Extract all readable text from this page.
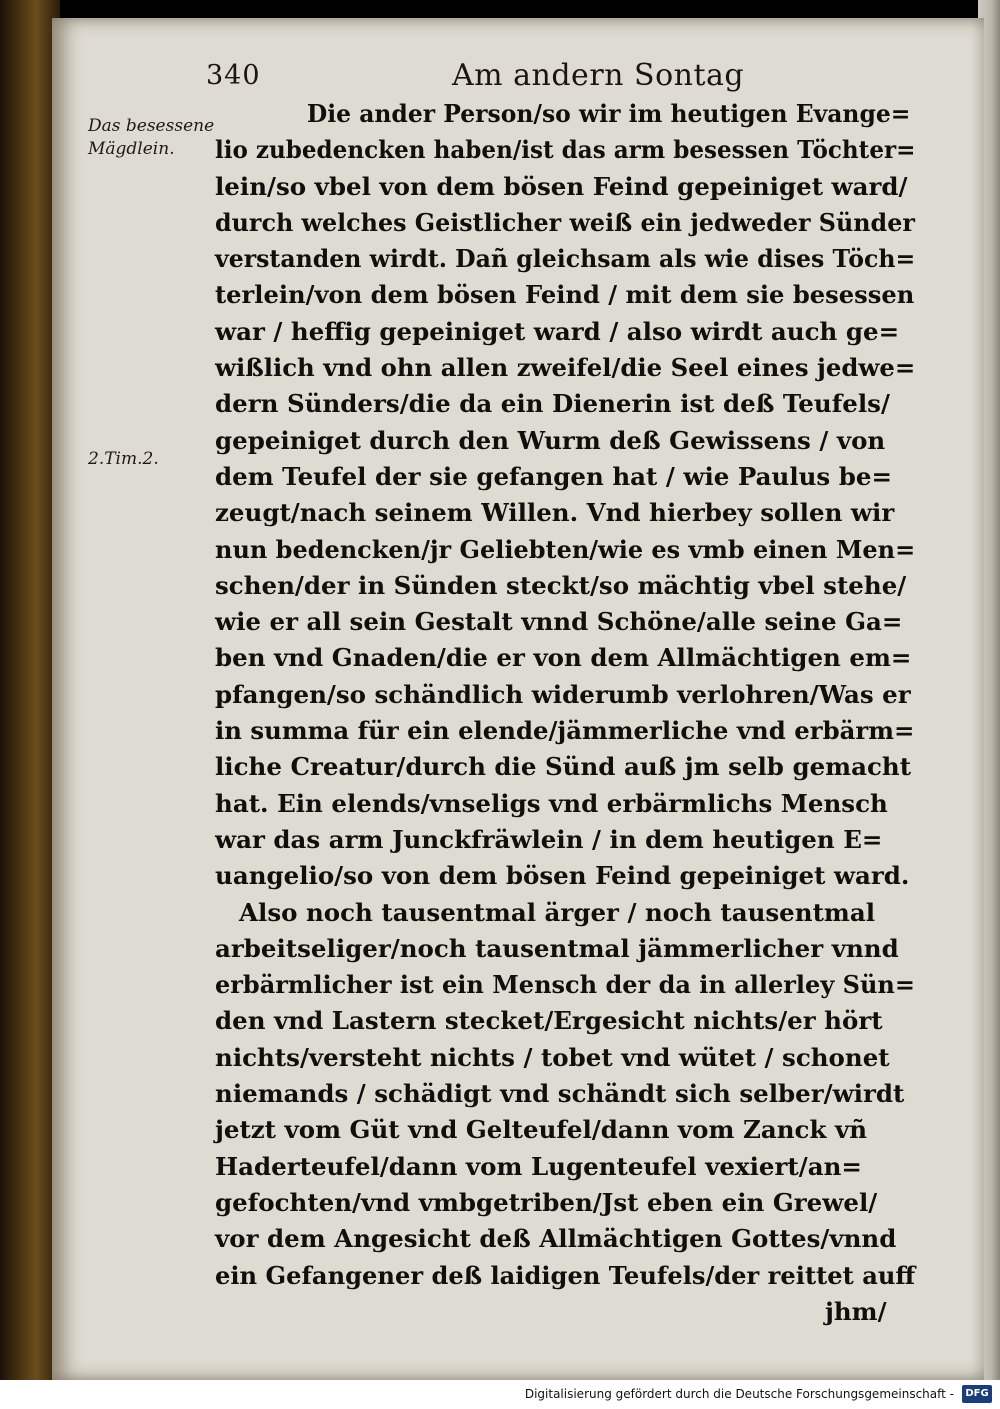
340	Am andern Sontag
Das besessene Mägdlein.
2.Tim.2.
Die ander Person/so wir im heutigen Evange=
lio zubedencken haben/ist das arm besessen Töchter=
lein/so vbel von dem bösen Feind gepeiniget ward/
durch welches Geistlicher weiß ein jedweder Sünder
verstanden wirdt. Dañ gleichsam als wie dises Töch=
terlein/von dem bösen Feind / mit dem sie besessen
war / heffig gepeiniget ward / also wirdt auch ge=
wißlich vnd ohn allen zweifel/die Seel eines jedwe=
dern Sünders/die da ein Dienerin ist deß Teufels/
gepeiniget durch den Wurm deß Gewissens / von
dem Teufel der sie gefangen hat / wie Paulus be=
zeugt/nach seinem Willen. Vnd hierbey sollen wir
nun bedencken/jr Geliebten/wie es vmb einen Men=
schen/der in Sünden steckt/so mächtig vbel stehe/
wie er all sein Gestalt vnnd Schöne/alle seine Ga=
ben vnd Gnaden/die er von dem Allmächtigen em=
pfangen/so schändlich widerumb verlohren/Was er
in summa für ein elende/jämmerliche vnd erbärm=
liche Creatur/durch die Sünd auß jm selb gemacht
hat. Ein elends/vnseligs vnd erbärmlichs Mensch
war das arm Junckfräwlein / in dem heutigen E=
uangelio/so von dem bösen Feind gepeiniget ward.
Also noch tausentmal ärger / noch tausentmal
arbeitseliger/noch tausentmal jämmerlicher vnnd
erbärmlicher ist ein Mensch der da in allerley Sün=
den vnd Lastern stecket/Ergesicht nichts/er hört
nichts/versteht nichts / tobet vnd wütet / schonet
niemands / schädigt vnd schändt sich selber/wirdt
jetzt vom Güt vnd Gelteufel/dann vom Zanck vñ
Haderteufel/dann vom Lugenteufel vexiert/an=
gefochten/vnd vmbgetriben/Jst eben ein Grewel/
vor dem Angesicht deß Allmächtigen Gottes/vnnd
ein Gefangener deß laidigen Teufels/der reittet auff
jhm/
Digitalisierung gefördert durch die Deutsche Forschungsgemeinschaft -	DFG
